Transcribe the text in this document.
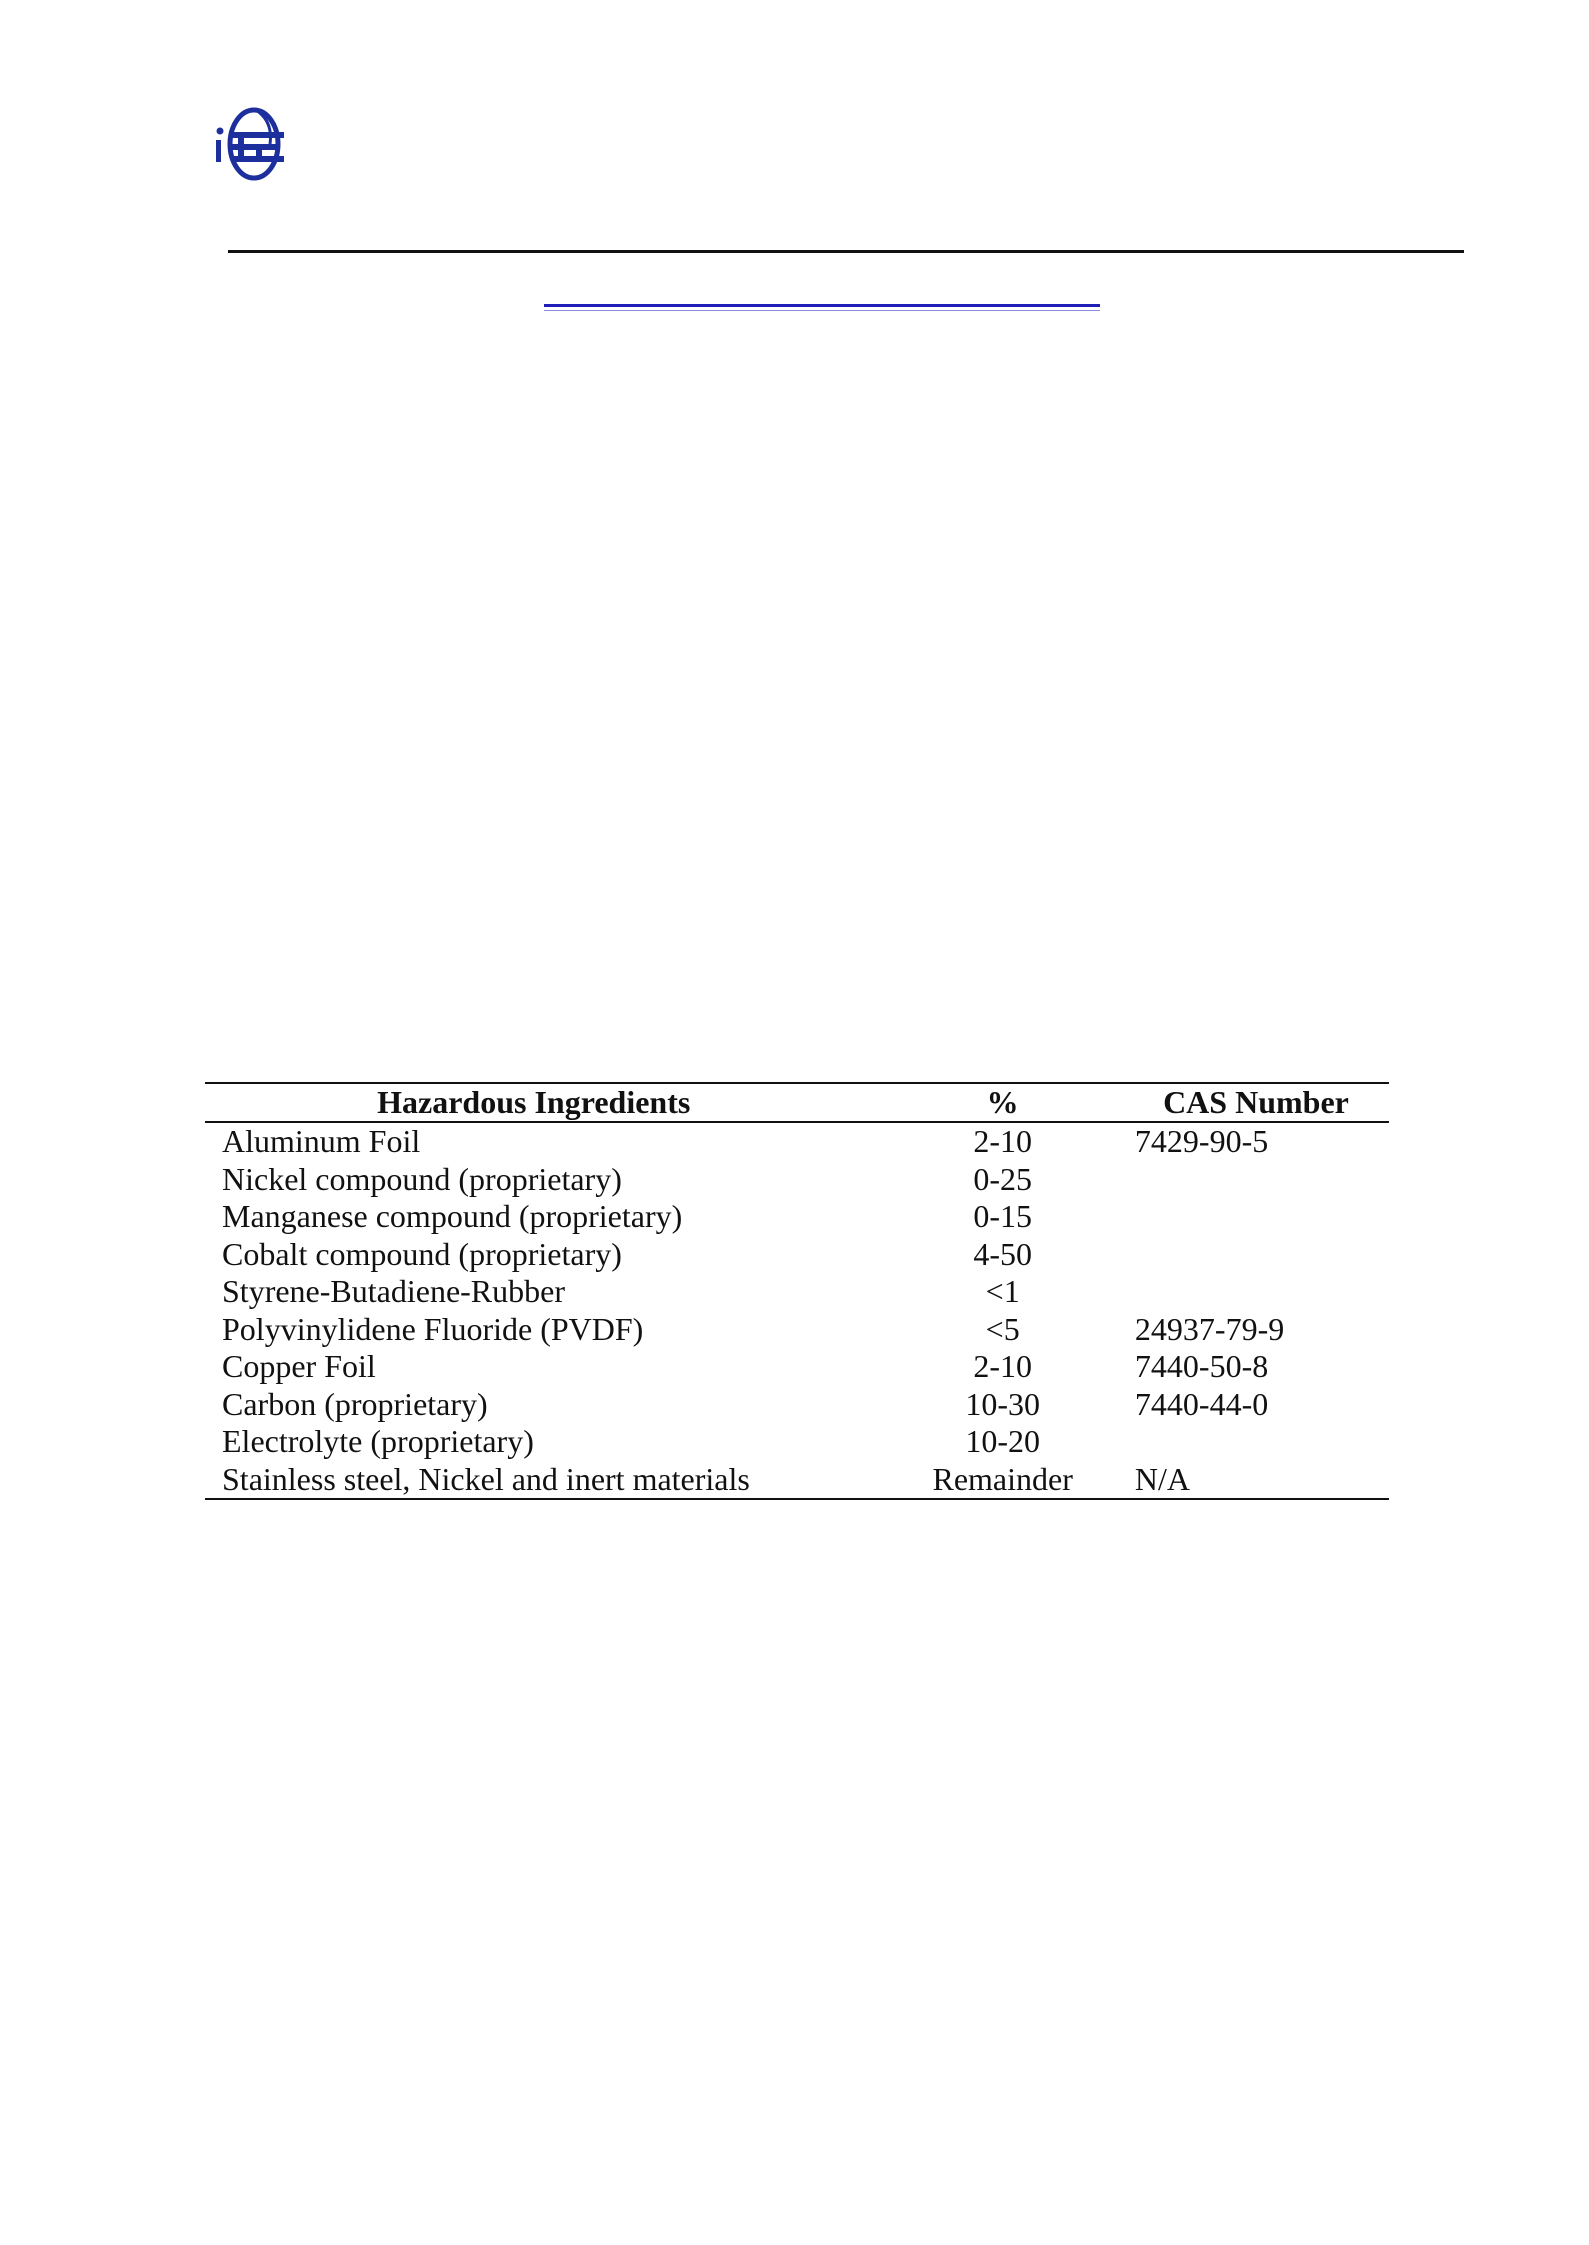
Hazardous Ingredients	%	CAS Number
Aluminum Foil	2-10	7429-90-5
Nickel compound (proprietary)	0-25	
Manganese compound (proprietary)	0-15	
Cobalt compound (proprietary)	4-50	
Styrene-Butadiene-Rubber	<1	
Polyvinylidene Fluoride (PVDF)	<5	24937-79-9
Copper Foil	2-10	7440-50-8
Carbon (proprietary)	10-30	7440-44-0
Electrolyte (proprietary)	10-20	
Stainless steel, Nickel and inert materials	Remainder	N/A
